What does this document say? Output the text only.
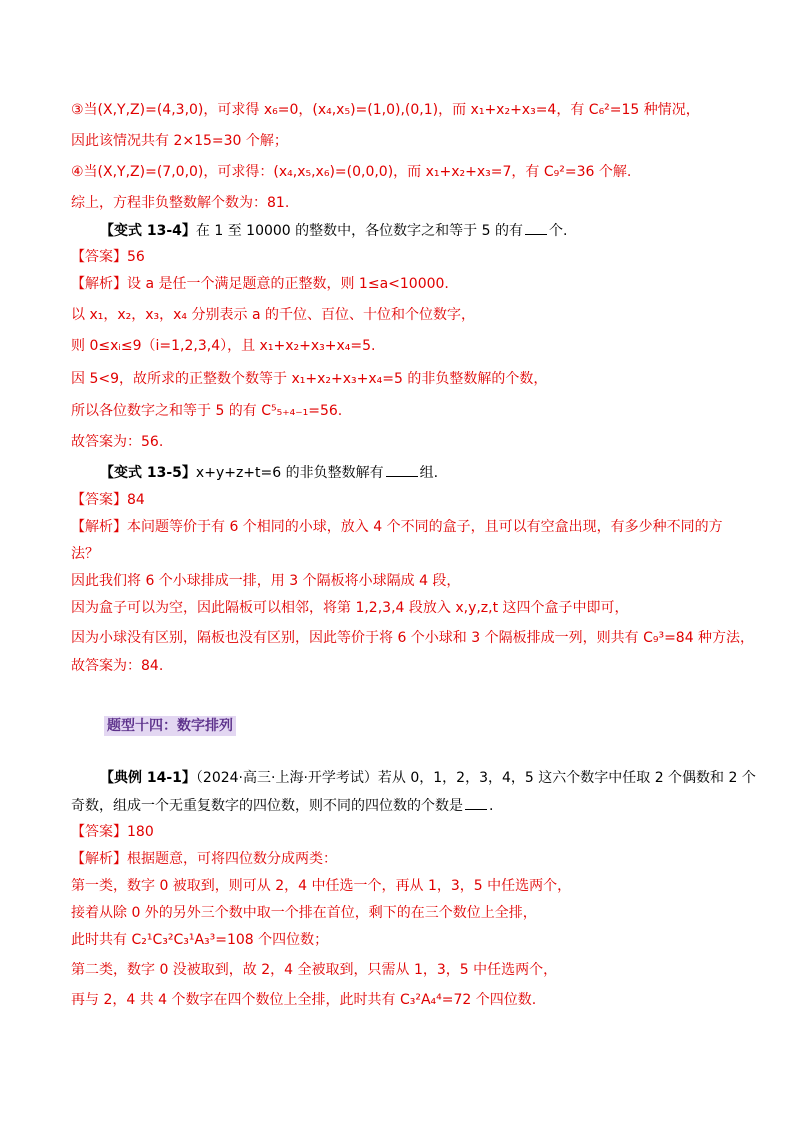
③当(X,Y,Z)=(4,3,0)，可求得 x₆=0，(x₄,x₅)=(1,0),(0,1)，而 x₁+x₂+x₃=4，有 C₆²=15 种情况，
因此该情况共有 2×15=30 个解；
④当(X,Y,Z)=(7,0,0)，可求得：(x₄,x₅,x₆)=(0,0,0)，而 x₁+x₂+x₃=7，有 C₉²=36 个解.
综上，方程非负整数解个数为：81.
【变式 13-4】在 1 至 10000 的整数中，各位数字之和等于 5 的有 个.
【答案】56
【解析】设 a 是任一个满足题意的正整数，则 1≤a<10000.
以 x₁，x₂，x₃，x₄ 分别表示 a 的千位、百位、十位和个位数字，
则 0≤xᵢ≤9（i=1,2,3,4），且 x₁+x₂+x₃+x₄=5.
因 5<9，故所求的正整数个数等于 x₁+x₂+x₃+x₄=5 的非负整数解的个数，
所以各位数字之和等于 5 的有 C⁵₅₊₄₋₁=56.
故答案为：56.
【变式 13-5】x+y+z+t=6 的非负整数解有	组.
【答案】84
【解析】本问题等价于有 6 个相同的小球，放入 4 个不同的盒子，且可以有空盒出现，有多少种不同的方
法？
因此我们将 6 个小球排成一排，用 3 个隔板将小球隔成 4 段，
因为盒子可以为空，因此隔板可以相邻，将第 1,2,3,4 段放入 x,y,z,t 这四个盒子中即可，
因为小球没有区别，隔板也没有区别，因此等价于将 6 个小球和 3 个隔板排成一列，则共有 C₉³=84 种方法，
故答案为：84.
题型十四：数字排列
【典例 14-1】（2024·高三·上海·开学考试）若从 0，1，2，3，4，5 这六个数字中任取 2 个偶数和 2 个
奇数，组成一个无重复数字的四位数，则不同的四位数的个数是 .
【答案】180
【解析】根据题意，可将四位数分成两类：
第一类，数字 0 被取到，则可从 2，4 中任选一个，再从 1，3，5 中任选两个，
接着从除 0 外的另外三个数中取一个排在首位，剩下的在三个数位上全排，
此时共有 C₂¹C₃²C₃¹A₃³=108 个四位数；
第二类，数字 0 没被取到，故 2，4 全被取到，只需从 1，3，5 中任选两个，
再与 2，4 共 4 个数字在四个数位上全排，此时共有 C₃²A₄⁴=72 个四位数.
